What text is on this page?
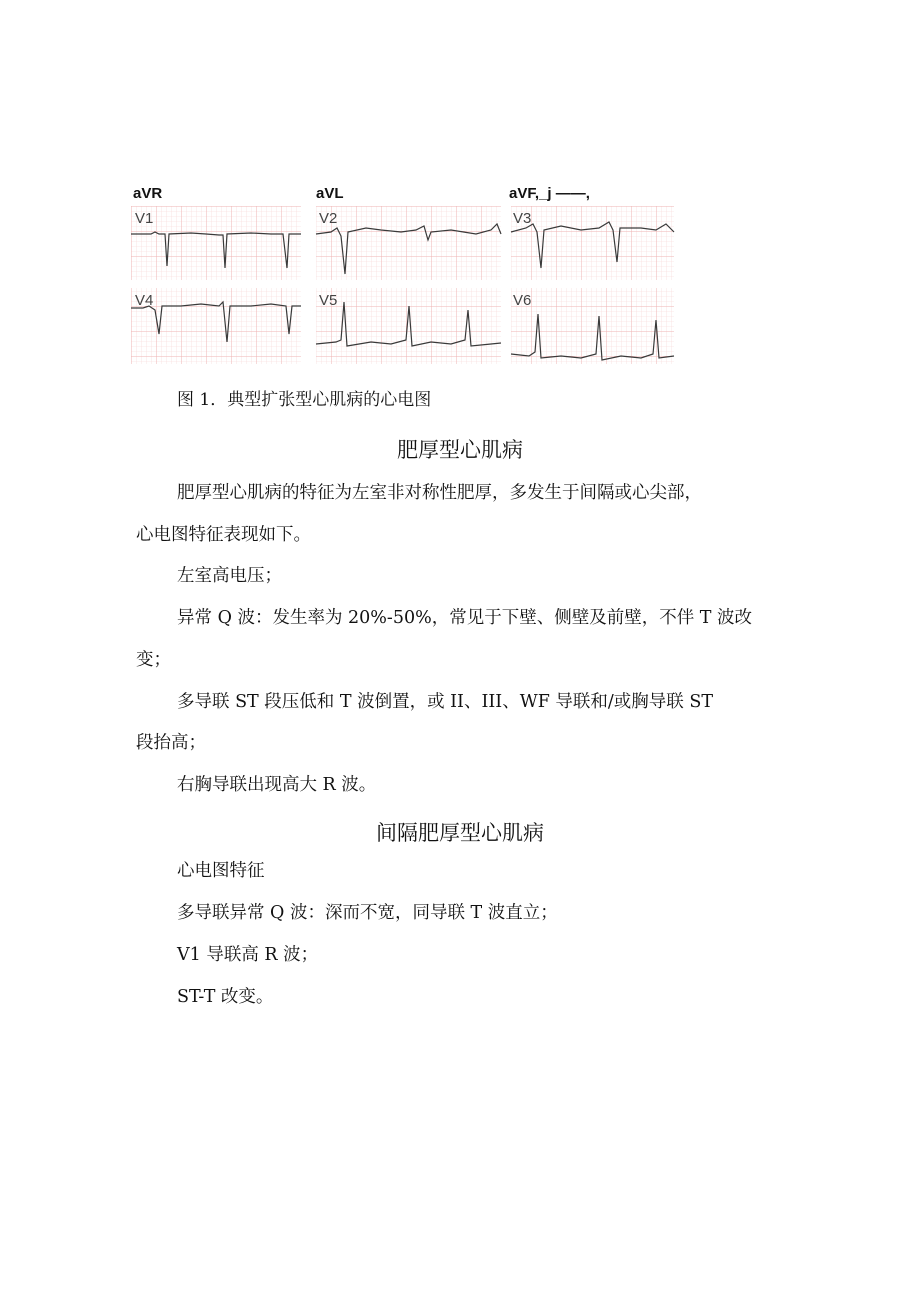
aVR	aVL	aVF,_j ——,
V1	V2	V3
V4	V5	V6
图 1．典型扩张型心肌病的心电图
肥厚型心肌病
肥厚型心肌病的特征为左室非对称性肥厚，多发生于间隔或心尖部，
心电图特征表现如下。
左室高电压；
异常 Q 波：发生率为 20%-50%，常见于下壁、侧壁及前壁，不伴 T 波改
变；
多导联 ST 段压低和 T 波倒置，或 II、III、WF 导联和/或胸导联 ST
段抬高；
右胸导联出现高大 R 波。
间隔肥厚型心肌病
心电图特征
多导联异常 Q 波：深而不宽，同导联 T 波直立；
V1 导联高 R 波；
ST-T 改变。
